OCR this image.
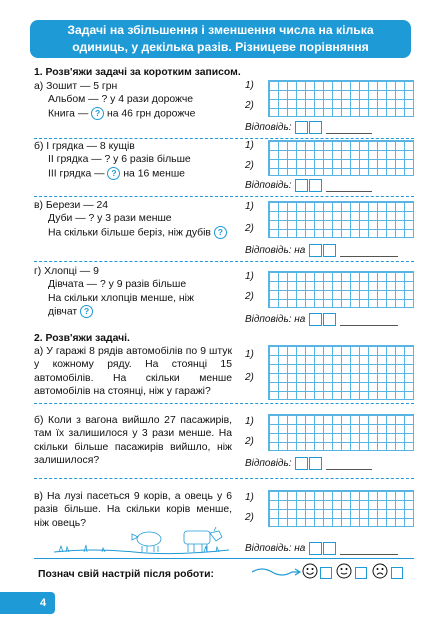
Задачі на збільшення і зменшення числа на кілька
одиниць, у декілька разів. Різницеве порівняння
1. Розв'яжи задачі за коротким записом.
а) Зошит — 5 грн
Альбом — ? у 4 рази дорожче
Книга — ? на 46 грн дорожче
1)
2)
Відповідь:
б) І грядка — 8 кущів
ІІ грядка — ? у 6 разів більше
ІІІ грядка — ? на 16 менше
1)
2)
Відповідь:
в) Берези — 24
Дуби — ? у 3 рази менше
На скільки більше беріз, ніж дубів ?
1)
2)
Відповідь: на
г) Хлопці — 9
Дівчата — ? у 9 разів більше
На скільки хлопців менше, ніж
дівчат ?
1)
2)
Відповідь: на
2. Розв'яжи задачі.
а) У гаражі 8 рядів автомобілів по 9 штук у кожному ряду. На стоянці 15 автомобілів. На скільки менше автомобілів на стоянці, ніж у гаражі?
1)
2)
б) Коли з вагона вийшло 27 пасажирів, там їх залишилося у 3 рази менше. На скільки більше пасажирів вийшло, ніж залишилося?
1)
2)
Відповідь:
в) На лузі пасеться 9 корів, а овець у 6 разів більше. На скільки корів менше, ніж овець?
1)
2)
Відповідь: на
Познач свій настрій після роботи:
4
